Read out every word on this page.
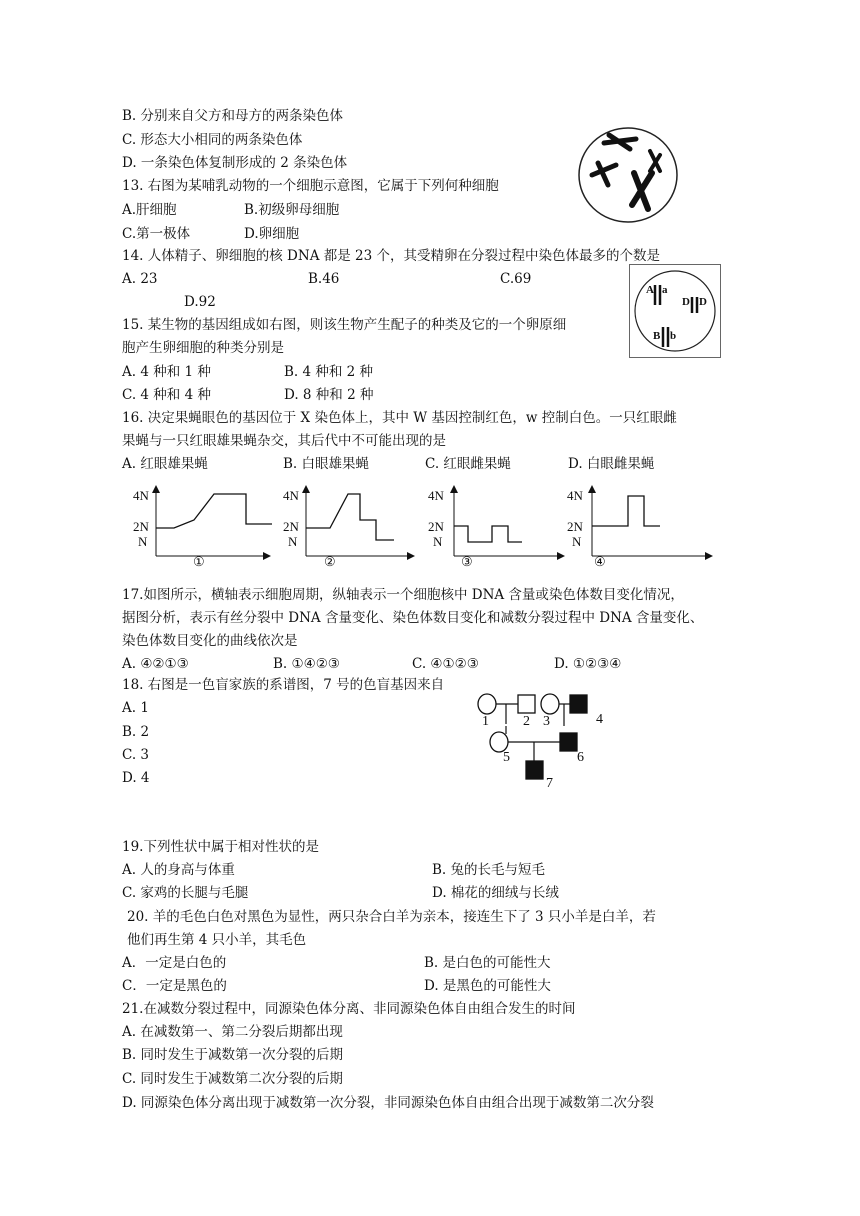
B. 分别来自父方和母方的两条染色体
C. 形态大小相同的两条染色体
D. 一条染色体复制形成的 2 条染色体
13. 右图为某哺乳动物的一个细胞示意图，它属于下列何种细胞
A.肝细胞	B.初级卵母细胞
C.第一极体	D.卵细胞
14. 人体精子、卵细胞的核 DNA 都是 23 个，其受精卵在分裂过程中染色体最多的个数是
A. 23	B.46	C.69
D.92
A a
D D
B b
15. 某生物的基因组成如右图，则该生物产生配子的种类及它的一个卵原细
胞产生卵细胞的种类分别是
A. 4 种和 1 种	B. 4 种和 2 种
C. 4 种和 4 种	D. 8 种和 2 种
16. 决定果蝇眼色的基因位于 X 染色体上，其中 W 基因控制红色，w 控制白色。一只红眼雌
果蝇与一只红眼雄果蝇杂交，其后代中不可能出现的是
A. 红眼雄果蝇	B. 白眼雄果蝇	C. 红眼雌果蝇	D. 白眼雌果蝇
4N
2N
N
4N
2N
N
4N
2N
N
4N
2N
N
①	②	③	④
17.如图所示，横轴表示细胞周期，纵轴表示一个细胞核中 DNA 含量或染色体数目变化情况，
据图分析，表示有丝分裂中 DNA 含量变化、染色体数目变化和减数分裂过程中 DNA 含量变化、
染色体数目变化的曲线依次是
A. ④②①③	B. ①④②③	C. ④①②③	D. ①②③④
18. 右图是一色盲家族的系谱图，7 号的色盲基因来自
A. 1
B. 2
C. 3
D. 4
1 2 3	4
5	6
7
19.下列性状中属于相对性状的是
A. 人的身高与体重	B. 兔的长毛与短毛
C. 家鸡的长腿与毛腿	D. 棉花的细绒与长绒
20. 羊的毛色白色对黑色为显性，两只杂合白羊为亲本，接连生下了 3 只小羊是白羊，若
他们再生第 4 只小羊，其毛色
A．一定是白色的	B. 是白色的可能性大
C．一定是黑色的	D. 是黑色的可能性大
21.在减数分裂过程中，同源染色体分离、非同源染色体自由组合发生的时间
A. 在减数第一、第二分裂后期都出现
B. 同时发生于减数第一次分裂的后期
C. 同时发生于减数第二次分裂的后期
D. 同源染色体分离出现于减数第一次分裂，非同源染色体自由组合出现于减数第二次分裂
